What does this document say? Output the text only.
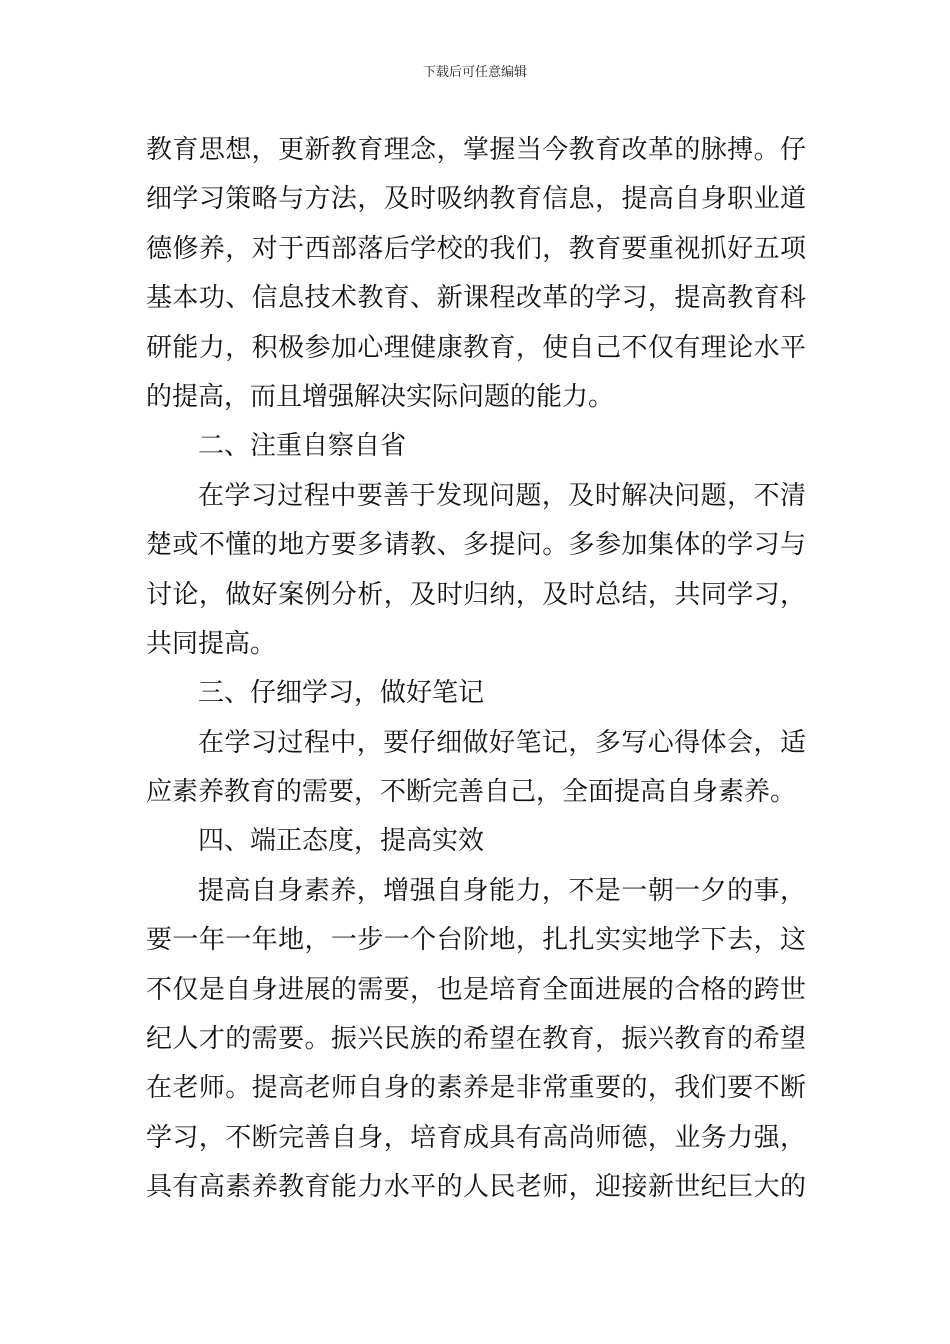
下载后可任意编辑
教育思想，更新教育理念，掌握当今教育改革的脉搏。仔
细学习策略与方法，及时吸纳教育信息，提高自身职业道
德修养，对于西部落后学校的我们，教育要重视抓好五项
基本功、信息技术教育、新课程改革的学习，提高教育科
研能力，积极参加心理健康教育，使自己不仅有理论水平
的提高，而且增强解决实际问题的能力。
二、注重自察自省
在学习过程中要善于发现问题，及时解决问题，不清
楚或不懂的地方要多请教、多提问。多参加集体的学习与
讨论，做好案例分析，及时归纳，及时总结，共同学习，
共同提高。
三、仔细学习，做好笔记
在学习过程中，要仔细做好笔记，多写心得体会，适
应素养教育的需要，不断完善自己，全面提高自身素养。
四、端正态度，提高实效
提高自身素养，增强自身能力，不是一朝一夕的事，
要一年一年地，一步一个台阶地，扎扎实实地学下去，这
不仅是自身进展的需要，也是培育全面进展的合格的跨世
纪人才的需要。振兴民族的希望在教育，振兴教育的希望
在老师。提高老师自身的素养是非常重要的，我们要不断
学习，不断完善自身，培育成具有高尚师德，业务力强，
具有高素养教育能力水平的人民老师，迎接新世纪巨大的
